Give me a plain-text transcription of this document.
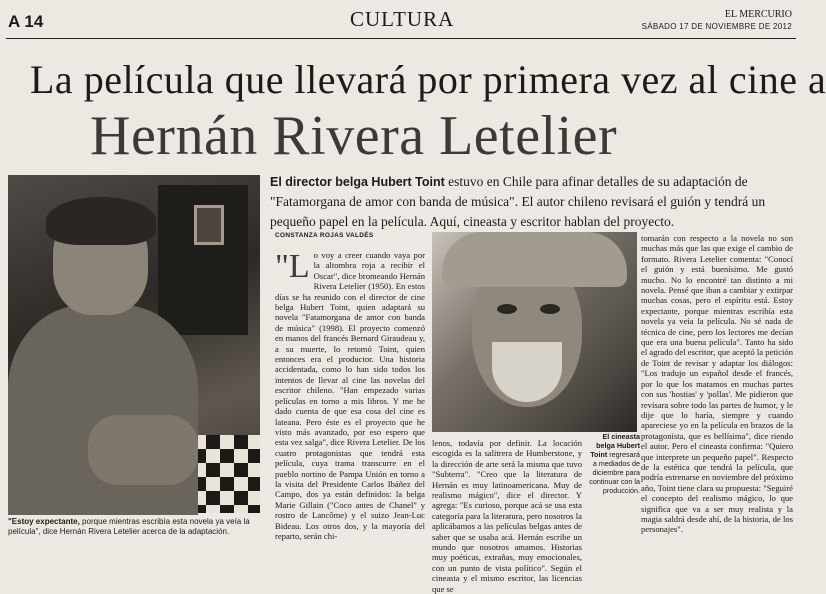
A 14	CULTURA	EL MERCURIO
SÁBADO 17 DE NOVIEMBRE DE 2012
La película que llevará por primera vez al cine a
Hernán Rivera Letelier
"Estoy expectante, porque mientras escribía esta novela ya veía la película", dice Hernán Rivera Letelier acerca de la adaptación.
El director belga Hubert Toint estuvo en Chile para afinar detalles de su adaptación de "Fatamorgana de amor con banda de música". El autor chileno revisará el guión y tendrá un pequeño papel en la película. Aquí, cineasta y escritor hablan del proyecto.
CONSTANZA ROJAS VALDÉS
"Lo voy a creer cuando vaya por la altombra roja a recibir el Oscar", dice bromeando Hernán Rivera Letelier (1950). En estos días se ha reunido con el director de cine belga Hubert Toint, quien adaptará su novela "Fatamorgana de amor con banda de música" (1998). El proyecto comenzó en manos del francés Bernard Giraudeau y, a su muerte, lo retomó Toint, quien entonces era el productor. Una historia accidentada, como lo han sido todos los intentos de llevar al cine las novelas del escritor chileno. "Han empezado varias películas en torno a mis libros. Y me he dado cuenta de que esa cosa del cine es lateana. Pero éste es el proyecto que he visto más avanzado, por eso espero que esta vez salga", dice Rivera Letelier. De los cuatro protagonistas que tendrá esta película, cuya trama transcurre en el pueblo nortino de Pampa Unión en torno a la visita del Presidente Carlos Ibáñez del Campo, dos ya están definidos: la belga Marie Gillain ("Coco antes de Chanel" y rostro de Lancôme) y el suizo Jean-Luc Bideau. Los otros dos, y la mayoría del reparto, serán chi-
El cineasta belga Hubert Toint regresará a mediados de diciembre para continuar con la producción.
lenos, todavía por definir. La locación escogida es la salitrera de Humberstone, y la dirección de arte será la misma que tuvo "Subterra". "Creo que la literatura de Hernán es muy latinoamericana. Muy de realismo mágico", dice el director. Y agrega: "Es curioso, porque acá se usa esta categoría para la literatura, pero nosotros la aplicábamos a las películas belgas antes de saber que se usaba acá. Hernán escribe un mundo que nosotros amamos. Historias muy poéticas, extrañas, muy emocionales, con un punto de vista político". Según el cineasta y el mismo escritor, las licencias que se
tomarán con respecto a la novela no son muchas más que las que exige el cambio de formato. Rivera Letelier comenta: "Conocí el guión y está buenísimo. Me gustó mucho. No lo encontré tan distinto a mi novela. Pensé que iban a cambiar y extirpar muchas cosas, pero el espíritu está. Estoy expectante, porque mientras escribía esta novela ya veía la película. No sé nada de técnica de cine, pero los lectores me decían que era una buena película". Tanto ha sido el agrado del escritor, que aceptó la petición de Toint de revisar y adaptar los diálogos: "Los tradujo un español desde el francés, por lo que los matamos en muchas partes con sus 'hostias' y 'pollas'. Me pidieron que revisara sobre todo las partes de humor, y le dije que lo haría, siempre y cuando apareciese yo en la película en brazos de la protagonista, que es bellísima", dice riendo el autor. Pero el cineasta confirma: "Quiero que interprete un pequeño papel". Respecto de la estética que tendrá la película, que podría estrenarse en noviembre del próximo año, Toint tiene clara su propuesta: "Seguiré el concepto del realismo mágico, lo que significa que va a ser muy realista y la magia saldrá desde ahí, de la historia, de los personajes".
